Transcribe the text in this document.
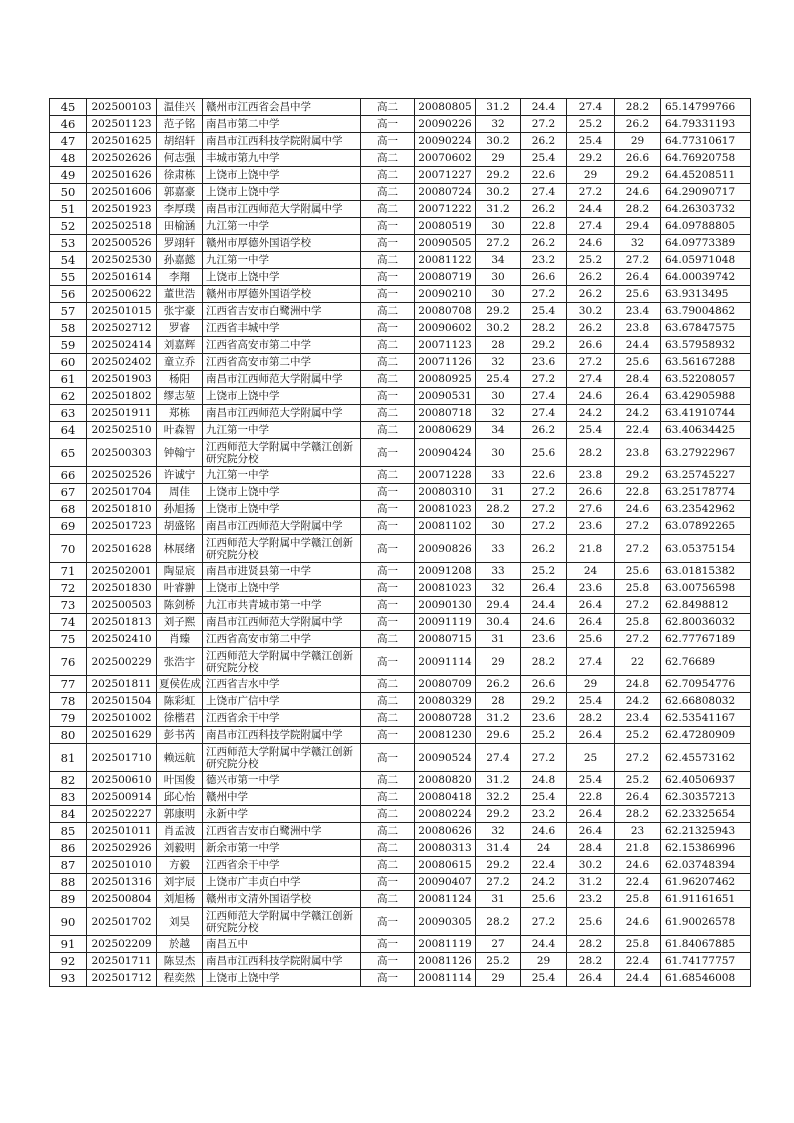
45	202500103	温佳兴	赣州市江西省会昌中学	高二	20080805	31.2	24.4	27.4	28.2	65.14799766
46	202501123	范子铭	南昌市第二中学	高一	20090226	32	27.2	25.2	26.2	64.79331193
47	202501625	胡绍轩	南昌市江西科技学院附属中学	高一	20090224	30.2	26.2	25.4	29	64.77310617
48	202502626	何志强	丰城市第九中学	高二	20070602	29	25.4	29.2	26.6	64.76920758
49	202501626	徐肃栋	上饶市上饶中学	高二	20071227	29.2	22.6	29	29.2	64.45208511
50	202501606	郭嘉豪	上饶市上饶中学	高二	20080724	30.2	27.4	27.2	24.6	64.29090717
51	202501923	李厚璞	南昌市江西师范大学附属中学	高二	20071222	31.2	26.2	24.4	28.2	64.26303732
52	202502518	田榆涵	九江第一中学	高一	20080519	30	22.8	27.4	29.4	64.09788805
53	202500526	罗翊轩	赣州市厚德外国语学校	高一	20090505	27.2	26.2	24.6	32	64.09773389
54	202502530	孙嘉懿	九江第一中学	高二	20081122	34	23.2	25.2	27.2	64.05971048
55	202501614	李翔	上饶市上饶中学	高一	20080719	30	26.6	26.2	26.4	64.00039742
56	202500622	董世浩	赣州市厚德外国语学校	高一	20090210	30	27.2	26.2	25.6	63.9313495
57	202501015	张宇豪	江西省吉安市白鹭洲中学	高二	20080708	29.2	25.4	30.2	23.4	63.79004862
58	202502712	罗睿	江西省丰城中学	高一	20090602	30.2	28.2	26.2	23.8	63.67847575
59	202502414	刘嘉辉	江西省高安市第二中学	高二	20071123	28	29.2	26.6	24.4	63.57958932
60	202502402	童立乔	江西省高安市第二中学	高二	20071126	32	23.6	27.2	25.6	63.56167288
61	202501903	杨阳	南昌市江西师范大学附属中学	高二	20080925	25.4	27.2	27.4	28.4	63.52208057
62	202501802	缪志堃	上饶市上饶中学	高一	20090531	30	27.4	24.6	26.4	63.42905988
63	202501911	郑栋	南昌市江西师范大学附属中学	高二	20080718	32	27.4	24.2	24.2	63.41910744
64	202502510	叶森智	九江第一中学	高二	20080629	34	26.2	25.4	22.4	63.40634425
65	202500303	钟翰宁	江西师范大学附属中学赣江创新研究院分校	高一	20090424	30	25.6	28.2	23.8	63.27922967
66	202502526	许诚宁	九江第一中学	高二	20071228	33	22.6	23.8	29.2	63.25745227
67	202501704	周佳	上饶市上饶中学	高一	20080310	31	27.2	26.6	22.8	63.25178774
68	202501810	孙旭扬	上饶市上饶中学	高一	20081023	28.2	27.2	27.6	24.6	63.23542962
69	202501723	胡盛铭	南昌市江西师范大学附属中学	高一	20081102	30	27.2	23.6	27.2	63.07892265
70	202501628	林展绪	江西师范大学附属中学赣江创新研究院分校	高一	20090826	33	26.2	21.8	27.2	63.05375154
71	202502001	陶显宸	南昌市进贤县第一中学	高一	20091208	33	25.2	24	25.6	63.01815382
72	202501830	叶睿翀	上饶市上饶中学	高一	20081023	32	26.4	23.6	25.8	63.00756598
73	202500503	陈剑桥	九江市共青城市第一中学	高一	20090130	29.4	24.4	26.4	27.2	62.8498812
74	202501813	刘子熙	南昌市江西师范大学附属中学	高一	20091119	30.4	24.6	26.4	25.8	62.80036032
75	202502410	肖臻	江西省高安市第二中学	高二	20080715	31	23.6	25.6	27.2	62.77767189
76	202500229	张浩宇	江西师范大学附属中学赣江创新研究院分校	高一	20091114	29	28.2	27.4	22	62.76689
77	202501811	夏侯佐成	江西省吉水中学	高二	20080709	26.2	26.6	29	24.8	62.70954776
78	202501504	陈彩虹	上饶市广信中学	高二	20080329	28	29.2	25.4	24.2	62.66808032
79	202501002	徐楷君	江西省余干中学	高二	20080728	31.2	23.6	28.2	23.4	62.53541167
80	202501629	彭书芮	南昌市江西科技学院附属中学	高一	20081230	29.6	25.2	26.4	25.2	62.47280909
81	202501710	赖远航	江西师范大学附属中学赣江创新研究院分校	高一	20090524	27.4	27.2	25	27.2	62.45573162
82	202500610	叶国俊	德兴市第一中学	高二	20080820	31.2	24.8	25.4	25.2	62.40506937
83	202500914	邱心怡	赣州中学	高二	20080418	32.2	25.4	22.8	26.4	62.30357213
84	202502227	郭康明	永新中学	高二	20080224	29.2	23.2	26.4	28.2	62.23325654
85	202501011	肖孟波	江西省吉安市白鹭洲中学	高二	20080626	32	24.6	26.4	23	62.21325943
86	202502926	刘毅明	新余市第一中学	高二	20080313	31.4	24	28.4	21.8	62.15386996
87	202501010	方毅	江西省余干中学	高二	20080615	29.2	22.4	30.2	24.6	62.03748394
88	202501316	刘宇辰	上饶市广丰贞白中学	高一	20090407	27.2	24.2	31.2	22.4	61.96207462
89	202500804	刘旭杨	赣州市文清外国语学校	高二	20081124	31	25.6	23.2	25.8	61.91161651
90	202501702	刘昊	江西师范大学附属中学赣江创新研究院分校	高一	20090305	28.2	27.2	25.6	24.6	61.90026578
91	202502209	於越	南昌五中	高一	20081119	27	24.4	28.2	25.8	61.84067885
92	202501711	陈昱杰	南昌市江西科技学院附属中学	高一	20081126	25.2	29	28.2	22.4	61.74177757
93	202501712	程奕然	上饶市上饶中学	高一	20081114	29	25.4	26.4	24.4	61.68546008
